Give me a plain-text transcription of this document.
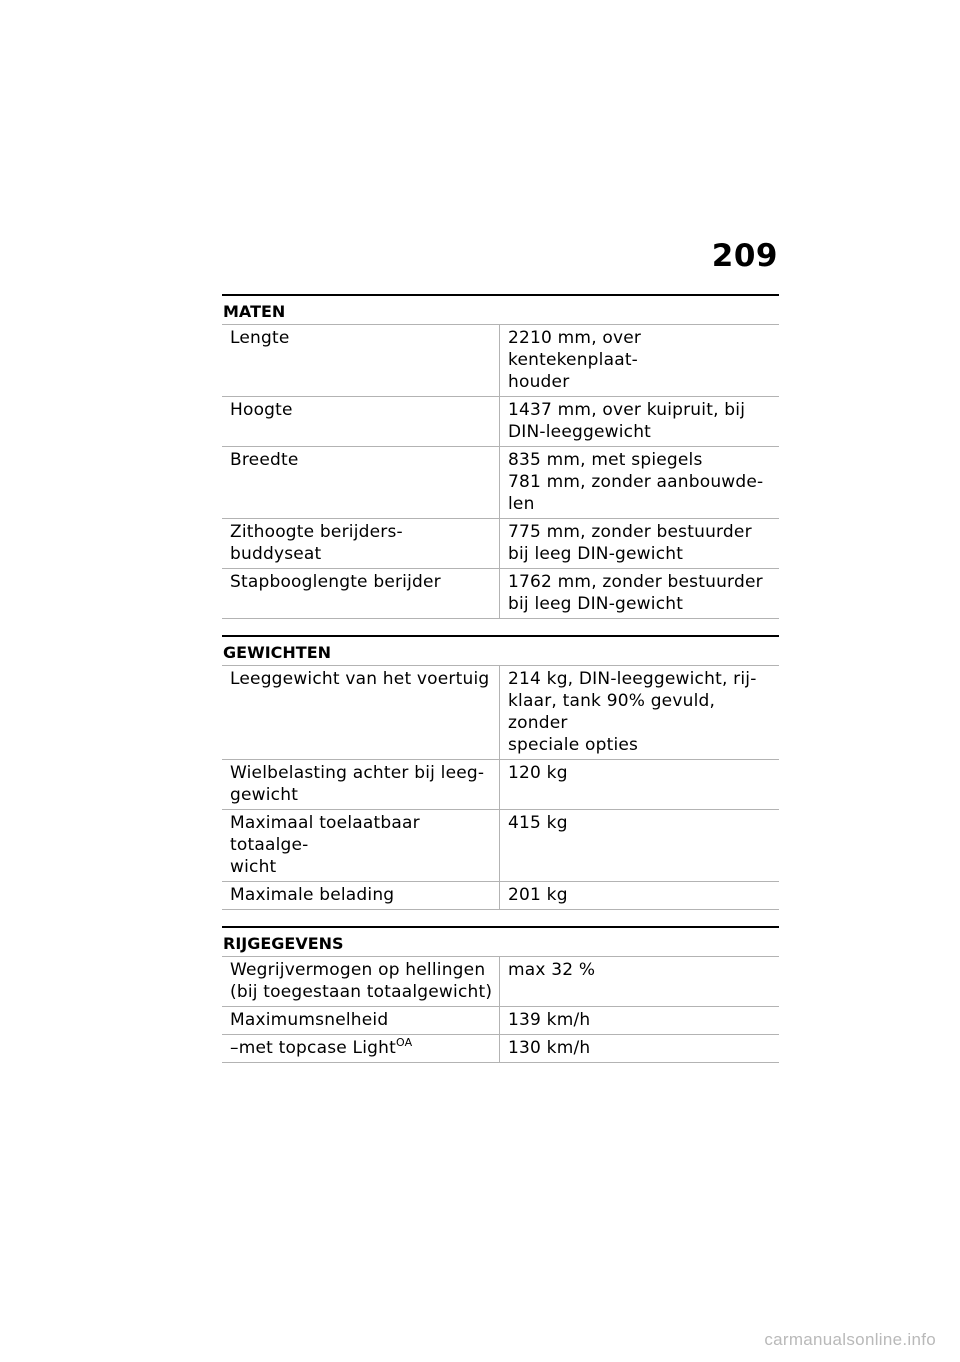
209
MATEN
Lengte	2210 mm, over kentekenplaat-
houder

Hoogte	1437 mm, over kuipruit, bij
DIN-leeggewicht

Breedte	835 mm, met spiegels
781 mm, zonder aanbouwde-
len

Zithoogte berijders-buddyseat	775 mm, zonder bestuurder
bij leeg DIN-gewicht

Stapbooglengte berijder	1762 mm, zonder bestuurder
bij leeg DIN-gewicht
GEWICHTEN
Leeggewicht van het voertuig	214 kg, DIN-leeggewicht, rij-
klaar, tank 90% gevuld, zonder
speciale opties

Wielbelasting achter bij leeg-
gewicht	120 kg

Maximaal toelaatbaar totaalge-
wicht	415 kg

Maximale belading	201 kg
RIJGEGEVENS
Wegrijvermogen op hellingen
(bij toegestaan totaalgewicht)	max 32 %

Maximumsnelheid	139 km/h

–met topcase Light$^{OA}$	130 km/h
carmanualsonline.info
